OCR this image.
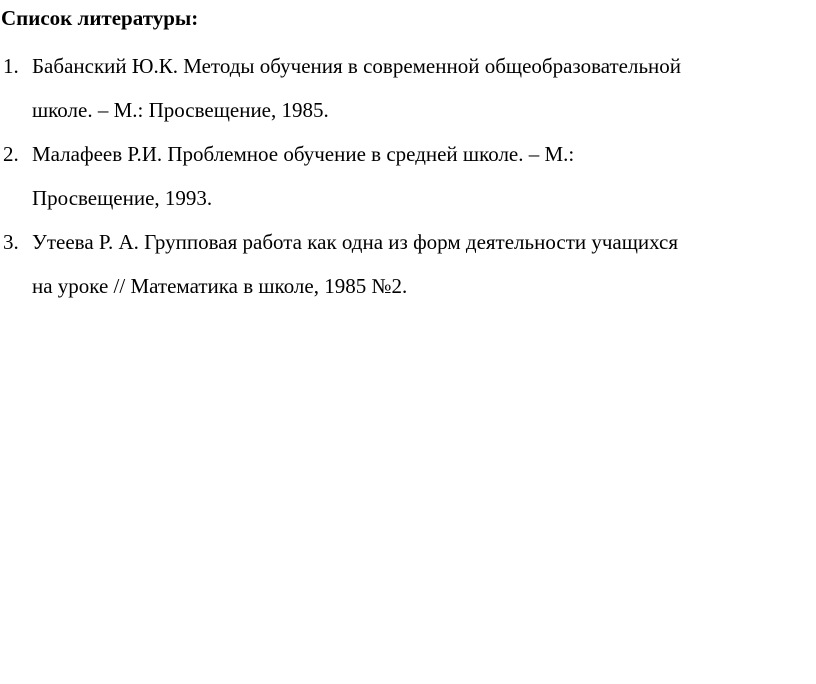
Список литературы:
1. Бабанский Ю.К. Методы обучения в современной общеобразовательной
школе. – М.: Просвещение, 1985.
2. Малафеев Р.И. Проблемное обучение в средней школе. – М.:
Просвещение, 1993.
3. Утеева Р. А. Групповая работа как одна из форм деятельности учащихся
на уроке // Математика в школе, 1985 №2.
